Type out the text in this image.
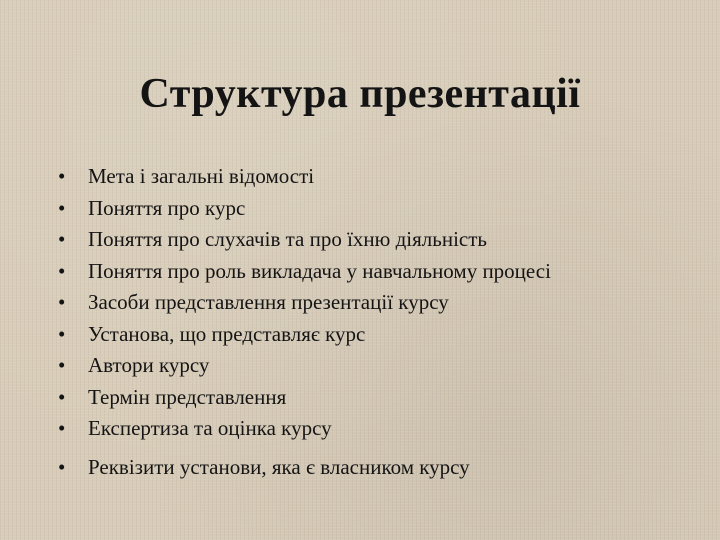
Структура презентації
• Мета і загальні відомості
• Поняття про курс
• Поняття про слухачів та про їхню діяльність
• Поняття про роль викладача у навчальному процесі
• Засоби представлення презентації курсу
• Установа, що представляє курс
• Автори курсу
• Термін представлення
• Експертиза та оцінка курсу
• Реквізити установи, яка є власником курсу
